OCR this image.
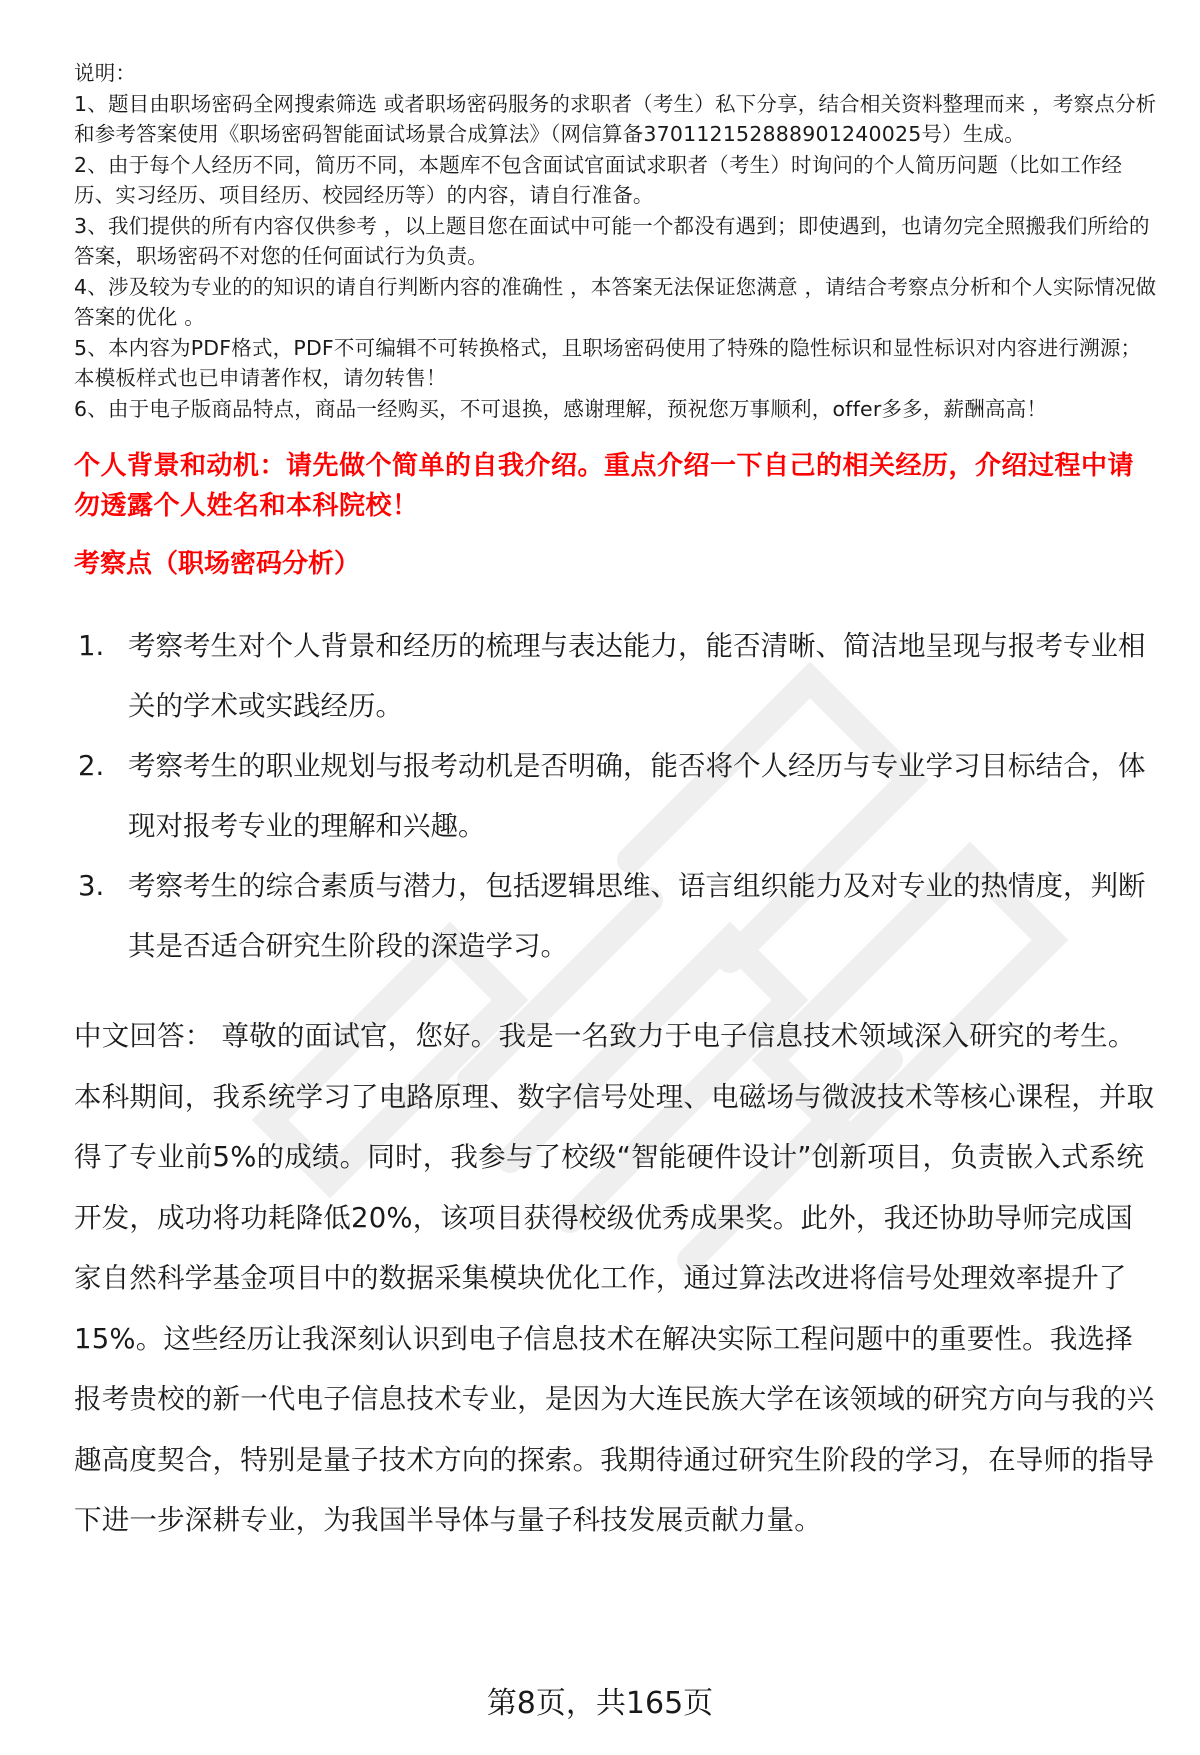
说明：

1、题目由职场密码全网搜索筛选 或者职场密码服务的求职者（考生）私下分享，结合相关资料整理而来 ，考察点分析和参考答案使用《职场密码智能面试场景合成算法》（网信算备370112152888901240025号）生成。

2、由于每个人经历不同，简历不同，本题库不包含面试官面试求职者（考生）时询问的个人简历问题（比如工作经历、实习经历、项目经历、校园经历等）的内容，请自行准备。

3、我们提供的所有内容仅供参考 ，以上题目您在面试中可能一个都没有遇到；即使遇到，也请勿完全照搬我们所给的答案，职场密码不对您的任何面试行为负责。

4、涉及较为专业的的知识的请自行判断内容的准确性 ，本答案无法保证您满意 ，请结合考察点分析和个人实际情况做答案的优化 。

5、本内容为PDF格式，PDF不可编辑不可转换格式，且职场密码使用了特殊的隐性标识和显性标识对内容进行溯源；本模板样式也已申请著作权，请勿转售！

6、由于电子版商品特点，商品一经购买，不可退换，感谢理解，预祝您万事顺利，offer多多，薪酬高高！

个人背景和动机：请先做个简单的自我介绍。重点介绍一下自己的相关经历，介绍过程中请勿透露个人姓名和本科院校！
考察点（职场密码分析）
1. 考察考生对个人背景和经历的梳理与表达能力，能否清晰、简洁地呈现与报考专业相关的学术或实践经历。
2. 考察考生的职业规划与报考动机是否明确，能否将个人经历与专业学习目标结合，体现对报考专业的理解和兴趣。
3. 考察考生的综合素质与潜力，包括逻辑思维、语言组织能力及对专业的热情度，判断其是否适合研究生阶段的深造学习。
中文回答： 尊敬的面试官，您好。我是一名致力于电子信息技术领域深入研究的考生。本科期间，我系统学习了电路原理、数字信号处理、电磁场与微波技术等核心课程，并取得了专业前5%的成绩。同时，我参与了校级“智能硬件设计”创新项目，负责嵌入式系统开发，成功将功耗降低20%，该项目获得校级优秀成果奖。此外，我还协助导师完成国家自然科学基金项目中的数据采集模块优化工作，通过算法改进将信号处理效率提升了15%。这些经历让我深刻认识到电子信息技术在解决实际工程问题中的重要性。我选择报考贵校的新一代电子信息技术专业，是因为大连民族大学在该领域的研究方向与我的兴趣高度契合，特别是量子技术方向的探索。我期待通过研究生阶段的学习，在导师的指导下进一步深耕专业，为我国半导体与量子科技发展贡献力量。
第8页，共165页
